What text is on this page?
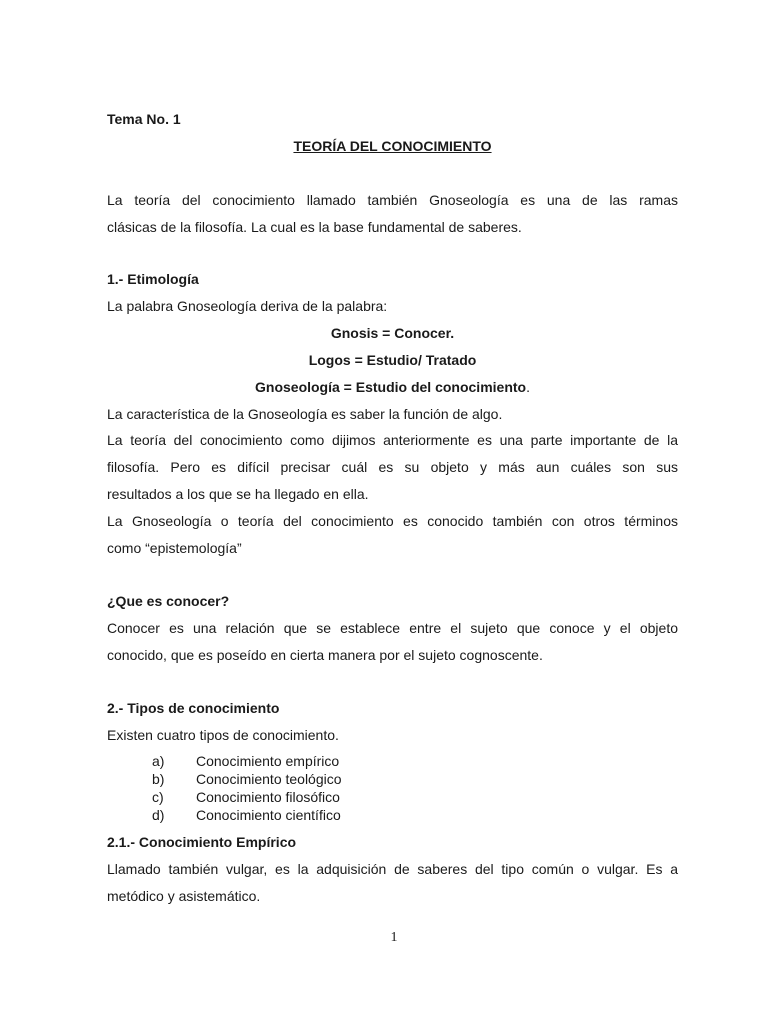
Tema No. 1
TEORÍA DEL CONOCIMIENTO
La teoría del conocimiento llamado también Gnoseología es una de las ramas
clásicas de la filosofía. La cual es la base fundamental de saberes.
1.- Etimología
La palabra Gnoseología deriva de la palabra:
Gnosis = Conocer.
Logos = Estudio/ Tratado
Gnoseología = Estudio del conocimiento.
La característica de la Gnoseología es saber la función de algo.
La teoría del conocimiento como dijimos anteriormente es una parte importante de la
filosofía. Pero es difícil precisar cuál es su objeto y más aun cuáles son sus
resultados a los que se ha llegado en ella.
La Gnoseología o teoría del conocimiento es conocido también con otros términos
como “epistemología”
¿Que es conocer?
Conocer es una relación que se establece entre el sujeto que conoce y el objeto
conocido, que es poseído en cierta manera por el sujeto cognoscente.
2.- Tipos de conocimiento
Existen cuatro tipos de conocimiento.
a) Conocimiento empírico
b) Conocimiento teológico
c) Conocimiento filosófico
d) Conocimiento científico
2.1.- Conocimiento Empírico
Llamado también vulgar, es la adquisición de saberes del tipo común o vulgar. Es a
metódico y asistemático.
1
